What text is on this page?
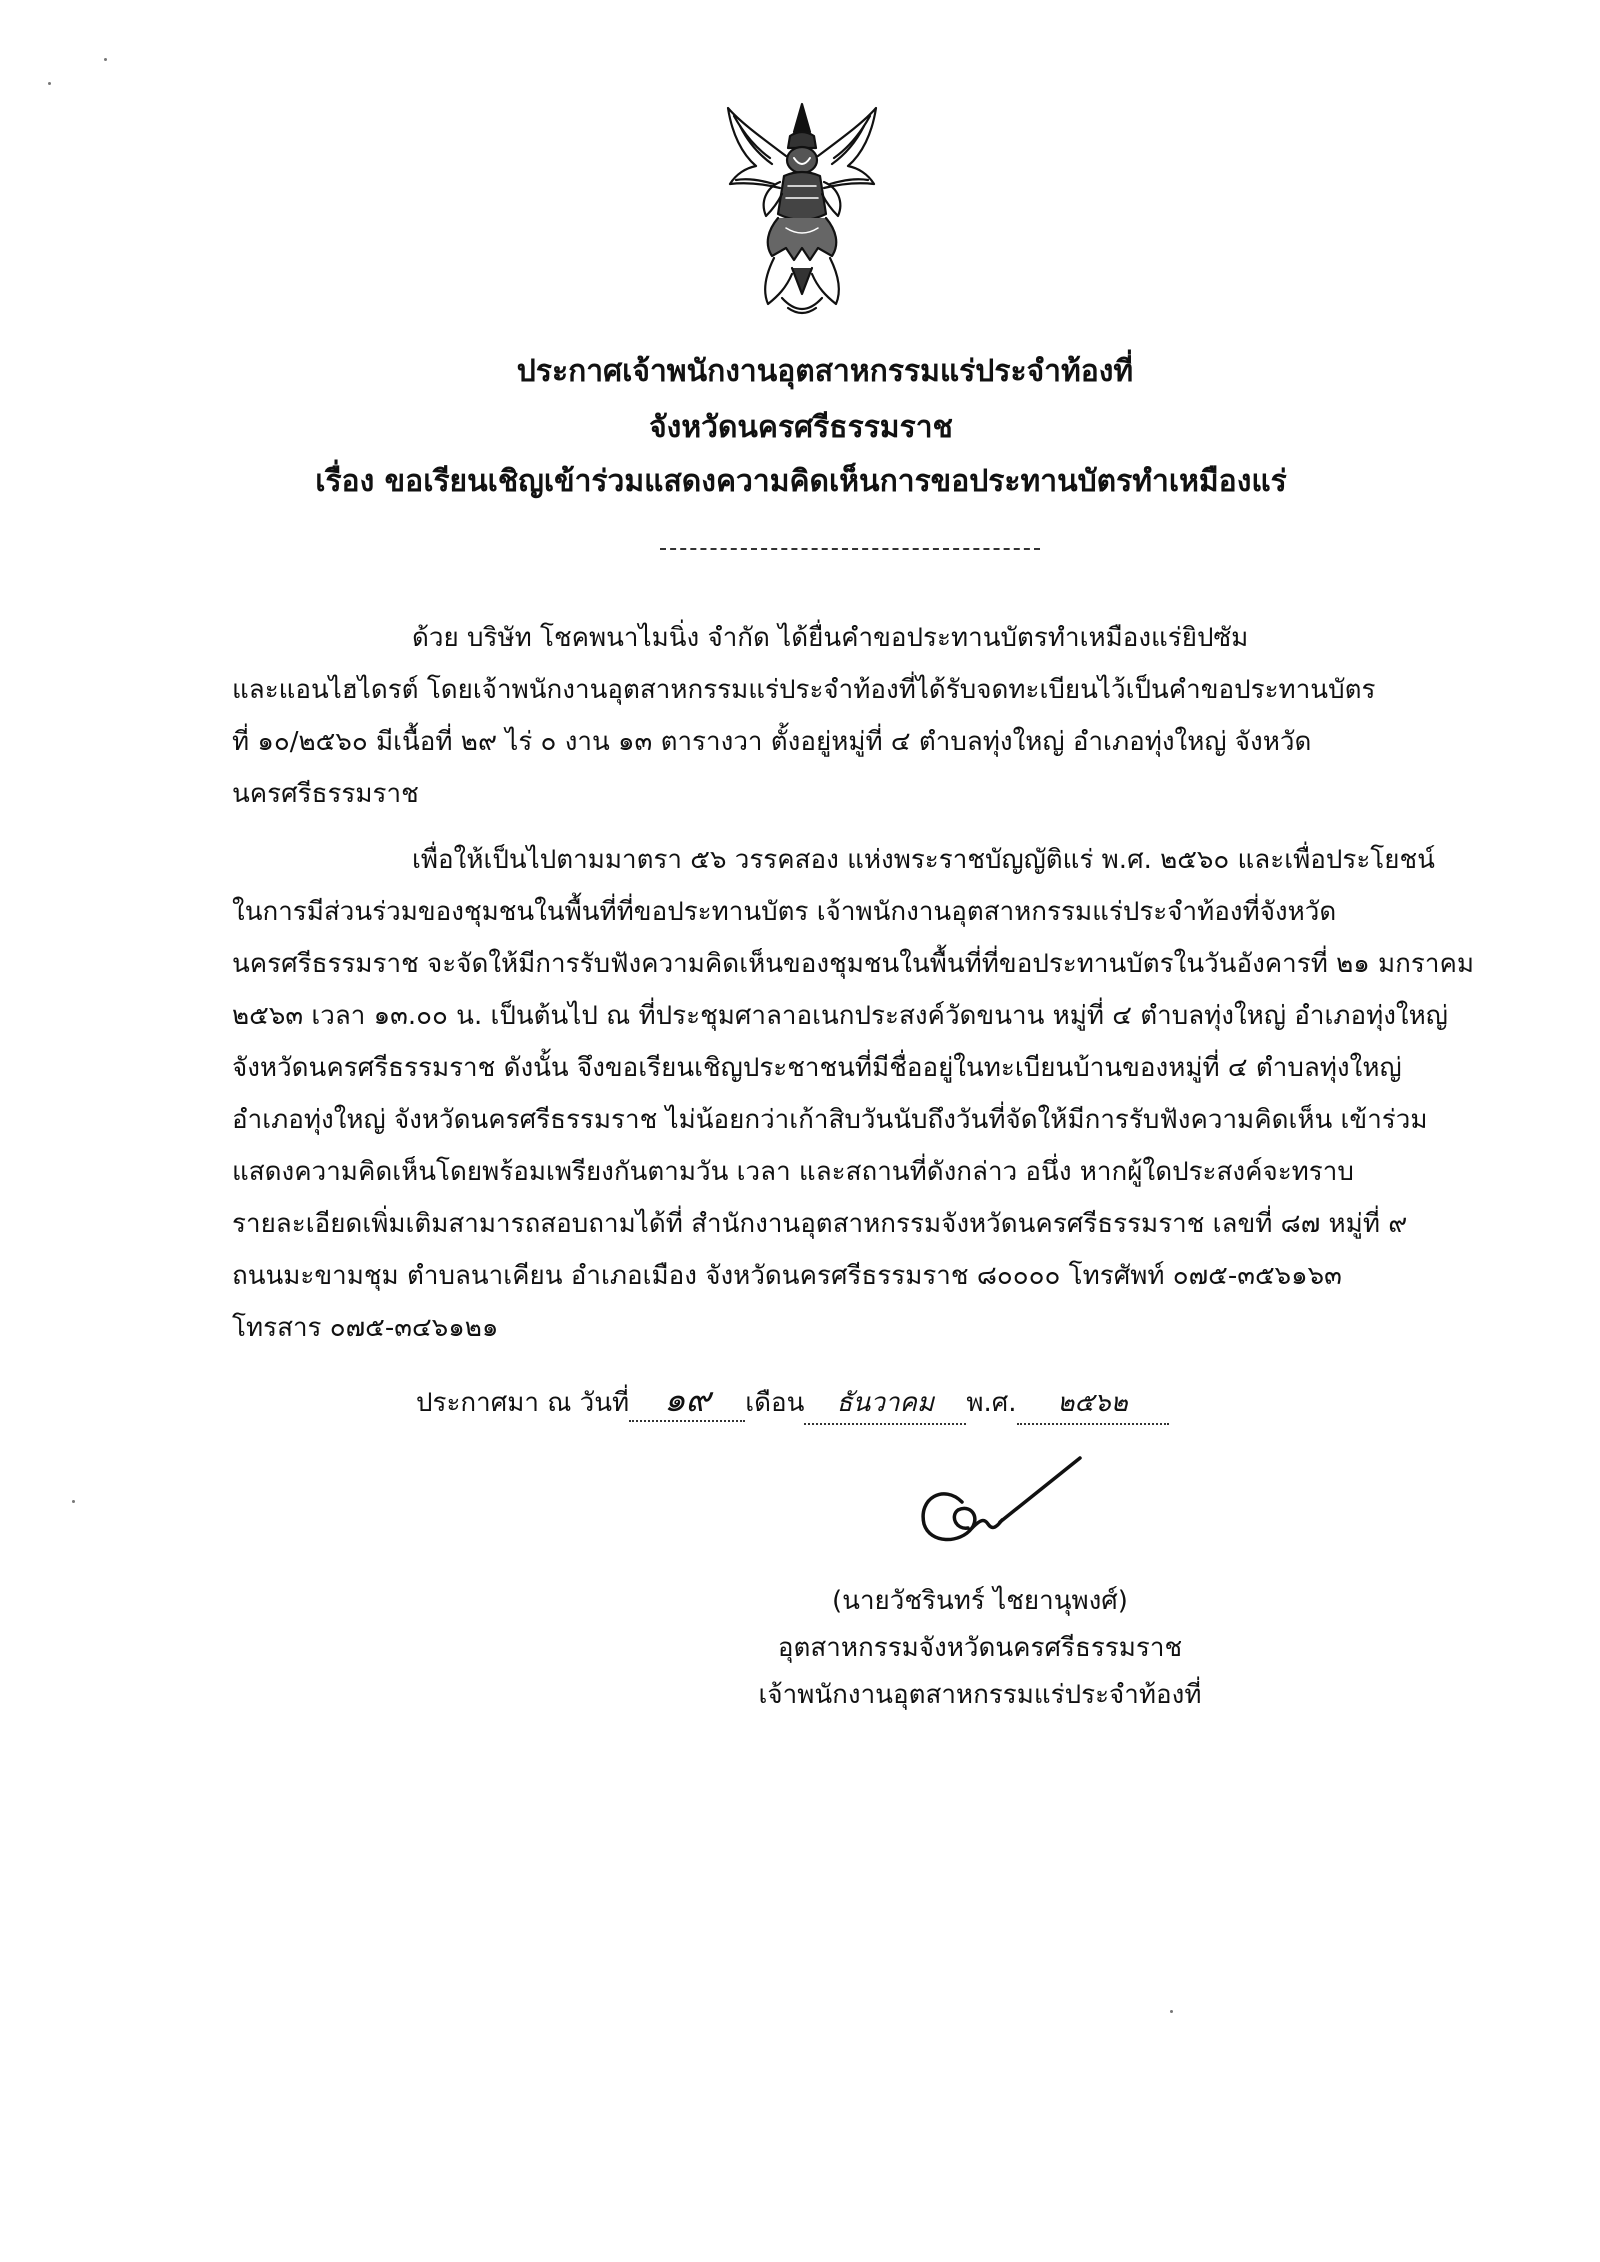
ประกาศเจ้าพนักงานอุตสาหกรรมแร่ประจำท้องที่
จังหวัดนครศรีธรรมราช
เรื่อง ขอเรียนเชิญเข้าร่วมแสดงความคิดเห็นการขอประทานบัตรทำเหมืองแร่
ด้วย บริษัท โชคพนาไมนิ่ง จำกัด ได้ยื่นคำขอประทานบัตรทำเหมืองแร่ยิปซัม
และแอนไฮไดรต์ โดยเจ้าพนักงานอุตสาหกรรมแร่ประจำท้องที่ได้รับจดทะเบียนไว้เป็นคำขอประทานบัตร
ที่ ๑๐/๒๕๖๐ มีเนื้อที่ ๒๙ ไร่ ๐ งาน ๑๓ ตารางวา ตั้งอยู่หมู่ที่ ๔ ตำบลทุ่งใหญ่ อำเภอทุ่งใหญ่ จังหวัด
นครศรีธรรมราช
เพื่อให้เป็นไปตามมาตรา ๕๖ วรรคสอง แห่งพระราชบัญญัติแร่ พ.ศ. ๒๕๖๐ และเพื่อประโยชน์
ในการมีส่วนร่วมของชุมชนในพื้นที่ที่ขอประทานบัตร เจ้าพนักงานอุตสาหกรรมแร่ประจำท้องที่จังหวัด
นครศรีธรรมราช จะจัดให้มีการรับฟังความคิดเห็นของชุมชนในพื้นที่ที่ขอประทานบัตรในวันอังคารที่ ๒๑ มกราคม
๒๕๖๓ เวลา ๑๓.๐๐ น. เป็นต้นไป ณ ที่ประชุมศาลาอเนกประสงค์วัดขนาน หมู่ที่ ๔ ตำบลทุ่งใหญ่ อำเภอทุ่งใหญ่
จังหวัดนครศรีธรรมราช ดังนั้น จึงขอเรียนเชิญประชาชนที่มีชื่ออยู่ในทะเบียนบ้านของหมู่ที่ ๔ ตำบลทุ่งใหญ่
อำเภอทุ่งใหญ่ จังหวัดนครศรีธรรมราช ไม่น้อยกว่าเก้าสิบวันนับถึงวันที่จัดให้มีการรับฟังความคิดเห็น เข้าร่วม
แสดงความคิดเห็นโดยพร้อมเพรียงกันตามวัน เวลา และสถานที่ดังกล่าว อนึ่ง หากผู้ใดประสงค์จะทราบ
รายละเอียดเพิ่มเติมสามารถสอบถามได้ที่ สำนักงานอุตสาหกรรมจังหวัดนครศรีธรรมราช เลขที่ ๘๗ หมู่ที่ ๙
ถนนมะขามชุม ตำบลนาเคียน อำเภอเมือง จังหวัดนครศรีธรรมราช ๘๐๐๐๐ โทรศัพท์ ๐๗๕-๓๕๖๑๖๓
โทรสาร ๐๗๕-๓๔๖๑๒๑
ประกาศมา ณ วันที่ ๑๙ เดือน ธันวาคม พ.ศ. ๒๕๖๒
(นายวัชรินทร์ ไชยานุพงศ์)
อุตสาหกรรมจังหวัดนครศรีธรรมราช
เจ้าพนักงานอุตสาหกรรมแร่ประจำท้องที่
